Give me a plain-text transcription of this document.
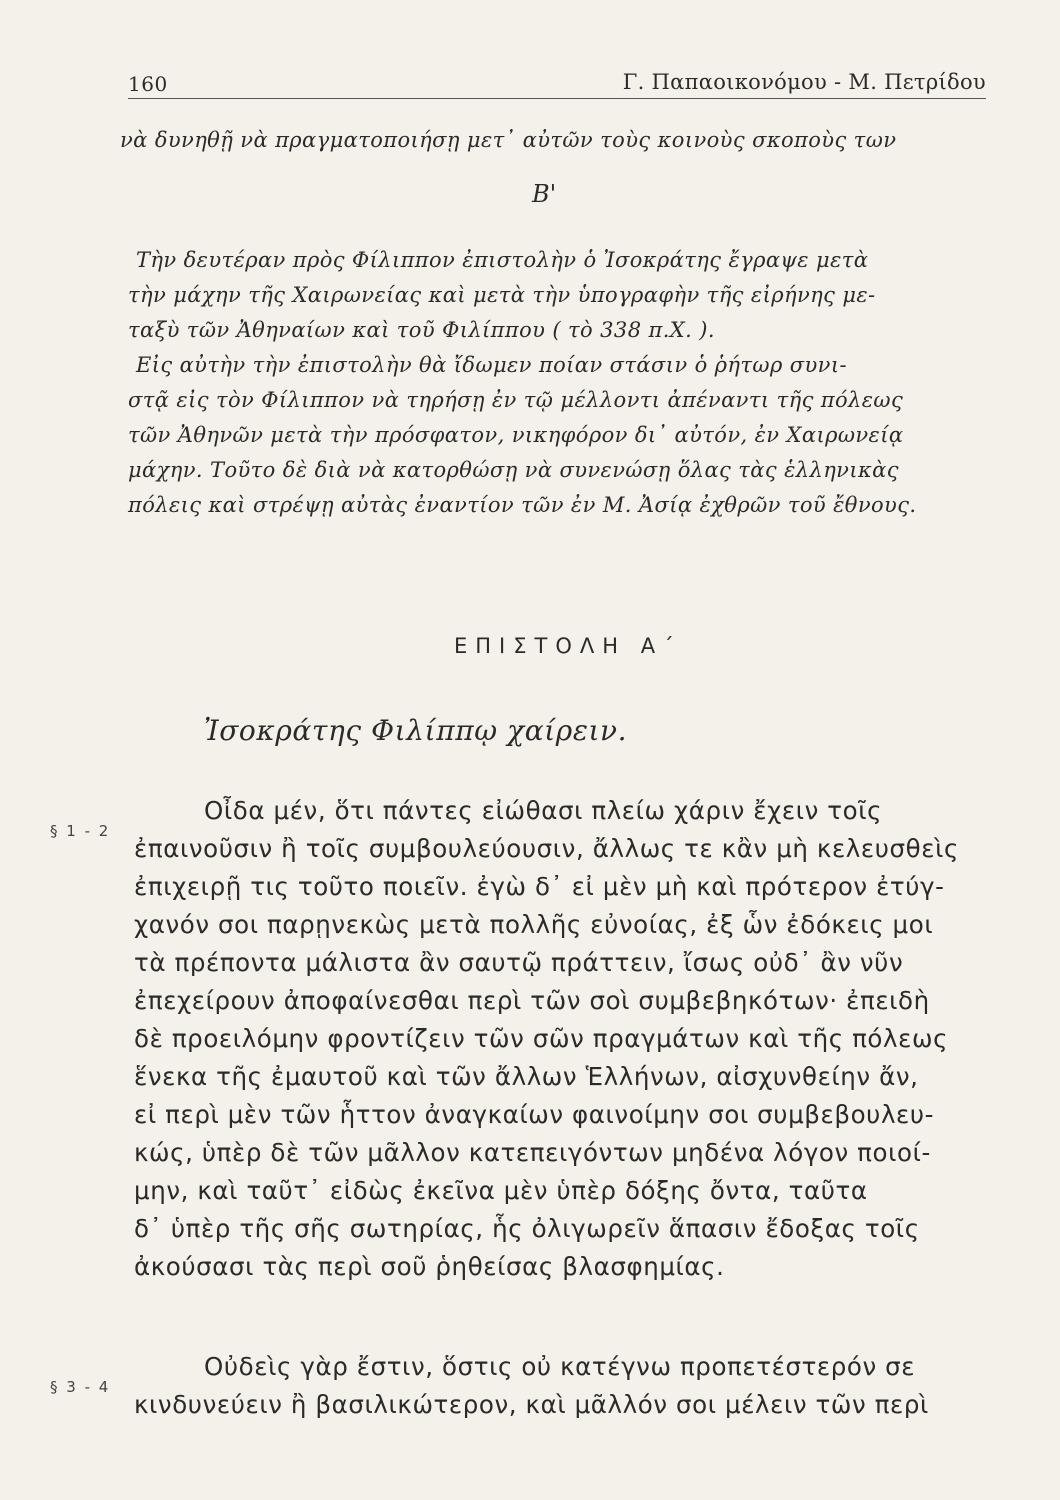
160	Γ. Παπαοικονόμου - Μ. Πετρίδου
νὰ δυνηθῇ νὰ πραγματοποιήσῃ μετ᾿ αὐτῶν τοὺς κοινοὺς σκοποὺς των
Β'
Τὴν δευτέραν πρὸς Φίλιππον ἐπιστολὴν ὁ Ἰσοκράτης ἔγραψε μετὰ
τὴν μάχην τῆς Χαιρωνείας καὶ μετὰ τὴν ὑπογραφὴν τῆς εἰρήνης με-
ταξὺ τῶν Ἀθηναίων καὶ τοῦ Φιλίππου ( τὸ 338 π.Χ. ).
Εἰς αὐτὴν τὴν ἐπιστολὴν θὰ ἴδωμεν ποίαν στάσιν ὁ ῥήτωρ συνι-
στᾷ εἰς τὸν Φίλιππον νὰ τηρήσῃ ἐν τῷ μέλλοντι ἀπέναντι τῆς πόλεως
τῶν Ἀθηνῶν μετὰ τὴν πρόσφατον, νικηφόρον δι᾿ αὐτόν, ἐν Χαιρωνείᾳ
μάχην. Τοῦτο δὲ διὰ νὰ κατορθώσῃ νὰ συνενώσῃ ὅλας τὰς ἑλληνικὰς
πόλεις καὶ στρέψῃ αὐτὰς ἐναντίον τῶν ἐν Μ. Ἀσίᾳ ἐχθρῶν τοῦ ἔθνους.
ΕΠΙΣΤΟΛΗ Α΄
Ἰσοκράτης Φιλίππῳ χαίρειν.
§ 1 - 2
Οἶδα μέν, ὅτι πάντες εἰώθασι πλείω χάριν ἔχειν τοῖς
ἐπαινοῦσιν ἢ τοῖς συμβουλεύουσιν, ἄλλως τε κἂν μὴ κελευσθεὶς
ἐπιχειρῇ τις τοῦτο ποιεῖν. ἐγὼ δ᾿ εἰ μὲν μὴ καὶ πρότερον ἐτύγ-
χανόν σοι παρῃνεκὼς μετὰ πολλῆς εὐνοίας, ἐξ ὧν ἐδόκεις μοι
τὰ πρέποντα μάλιστα ἂν σαυτῷ πράττειν, ἴσως οὐδ᾿ ἂν νῦν
ἐπεχείρουν ἀποφαίνεσθαι περὶ τῶν σοὶ συμβεβηκότων· ἐπειδὴ
δὲ προειλόμην φροντίζειν τῶν σῶν πραγμάτων καὶ τῆς πόλεως
ἕνεκα τῆς ἐμαυτοῦ καὶ τῶν ἄλλων Ἑλλήνων, αἰσχυνθείην ἄν,
εἰ περὶ μὲν τῶν ἧττον ἀναγκαίων φαινοίμην σοι συμβεβουλευ-
κώς, ὑπὲρ δὲ τῶν μᾶλλον κατεπειγόντων μηδένα λόγον ποιοί-
μην, καὶ ταῦτ᾿ εἰδὼς ἐκεῖνα μὲν ὑπὲρ δόξης ὄντα, ταῦτα
δ᾿ ὑπὲρ τῆς σῆς σωτηρίας, ἧς ὀλιγωρεῖν ἅπασιν ἔδοξας τοῖς
ἀκούσασι τὰς περὶ σοῦ ῥηθείσας βλασφημίας.
§ 3 - 4
Οὐδεὶς γὰρ ἔστιν, ὅστις οὐ κατέγνω προπετέστερόν σε
κινδυνεύειν ἢ βασιλικώτερον, καὶ μᾶλλόν σοι μέλειν τῶν περὶ
